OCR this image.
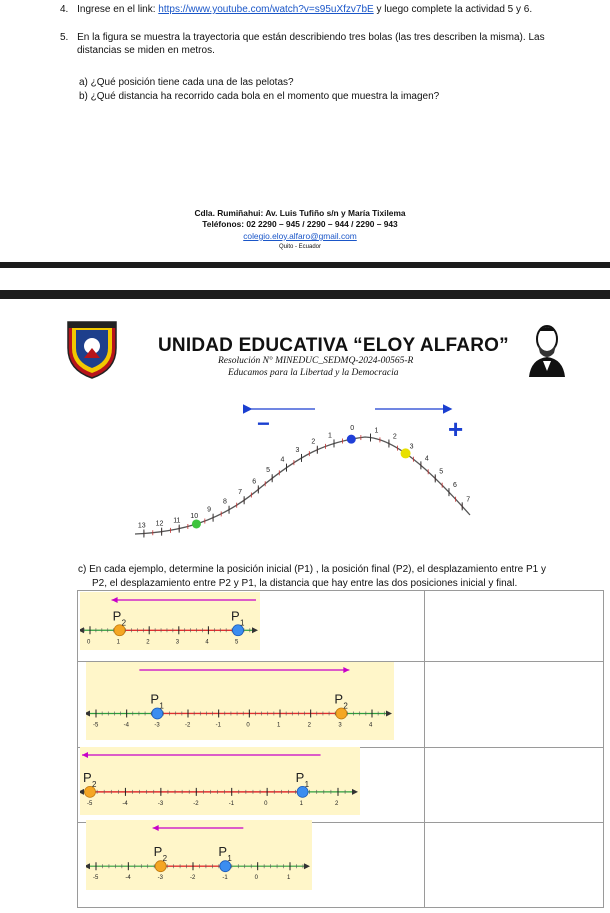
4. Ingrese en el link: https://www.youtube.com/watch?v=s95uXfzv7bE y luego complete la actividad 5 y 6.
5. En la figura se muestra la trayectoria que están describiendo tres bolas (las tres describen la misma). Las
distancias se miden en metros.
a) ¿Qué posición tiene cada una de las pelotas?
b) ¿Qué distancia ha recorrido cada bola en el momento que muestra la imagen?
Cdla. Rumiñahui: Av. Luis Tufiño s/n y María Tixilema
Teléfonos: 02 2290 – 945 / 2290 – 944 / 2290 – 943
colegio.eloy.alfaro@gmail.com
Quito - Ecuador
UNIDAD EDUCATIVA “ELOY ALFARO”
Resolución N° MINEDUC_SEDMQ-2024-00565-R
Educamos para la Libertad y la Democracia
−	+
13 12 11
10
9
8
7
6
5
4
3
2
1
0	1
2
3
4
5
6
7
c) En cada ejemplo, determine la posición inicial (P1) , la posición final (P2), el desplazamiento entre P1 y
P2, el desplazamiento entre P2 y P1, la distancia que hay entre las dos posiciones inicial y final.

0	1	2	3	4	5
P 1
P 2
-5	-4	-3	-2	-1	0	1	2	3	4
P 1	P 2
-5	-4	-3	-2	-1	0	1	2
P 1
P 2
-5	-4	-3	-2	-1	0	1
P 1
P 2
